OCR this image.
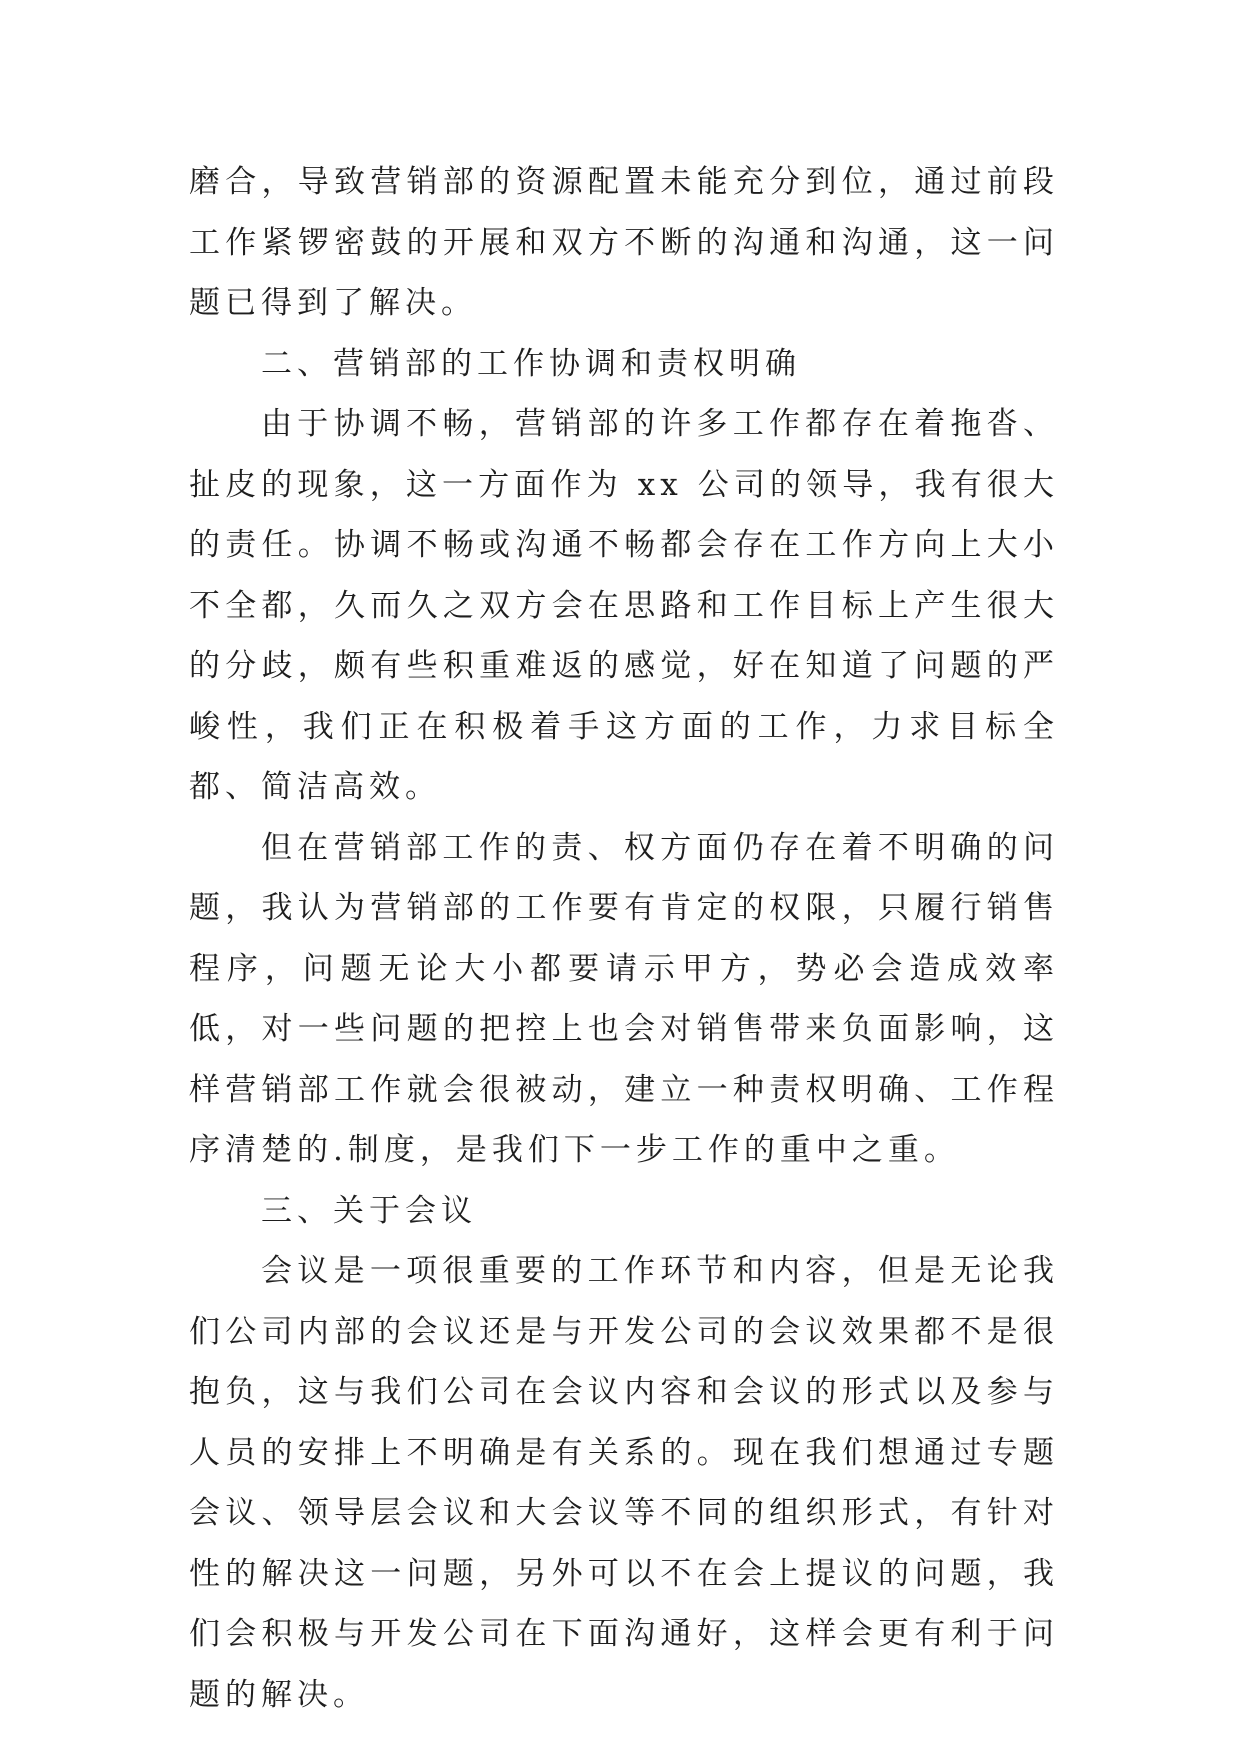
磨合，导致营销部的资源配置未能充分到位，通过前段工作紧锣密鼓的开展和双方不断的沟通和沟通，这一问题已得到了解决。

二、营销部的工作协调和责权明确

由于协调不畅，营销部的许多工作都存在着拖沓、扯皮的现象，这一方面作为 xx 公司的领导，我有很大的责任。协调不畅或沟通不畅都会存在工作方向上大小不全都，久而久之双方会在思路和工作目标上产生很大的分歧，颇有些积重难返的感觉，好在知道了问题的严峻性，我们正在积极着手这方面的工作，力求目标全都、简洁高效。

但在营销部工作的责、权方面仍存在着不明确的问题，我认为营销部的工作要有肯定的权限，只履行销售程序，问题无论大小都要请示甲方，势必会造成效率低，对一些问题的把控上也会对销售带来负面影响，这样营销部工作就会很被动，建立一种责权明确、工作程序清楚的.制度，是我们下一步工作的重中之重。

三、关于会议

会议是一项很重要的工作环节和内容，但是无论我们公司内部的会议还是与开发公司的会议效果都不是很抱负，这与我们公司在会议内容和会议的形式以及参与人员的安排上不明确是有关系的。现在我们想通过专题会议、领导层会议和大会议等不同的组织形式，有针对性的解决这一问题，另外可以不在会上提议的问题，我们会积极与开发公司在下面沟通好，这样会更有利于问题的解决。
